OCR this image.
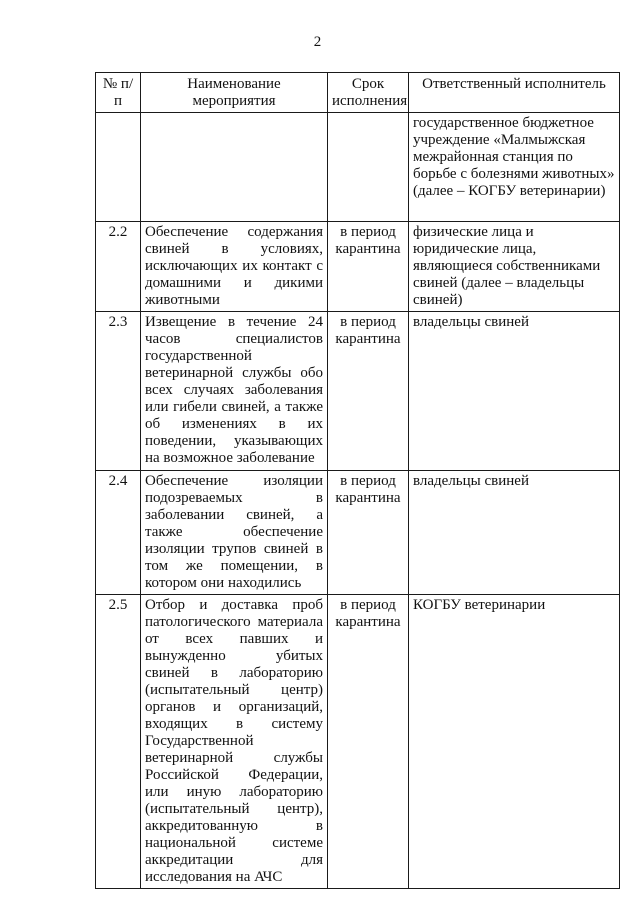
2
№ п/п	Наименование мероприятия	Срок исполнения	Ответственный исполнитель
			государственное бюджетное учреждение «Малмыжская межрайонная станция по борьбе с болезнями животных» (далее – КОГБУ ветеринарии)
2.2	Обеспечение содержания свиней в условиях, исключающих их контакт с домашними и дикими животными	в период карантина	физические лица и юридические лица, являющиеся собственниками свиней (далее – владельцы свиней)
2.3	Извещение в течение 24 часов специалистов государственной ветеринарной службы обо всех случаях заболевания или гибели свиней, а также об изменениях в их поведении, указывающих на возможное заболевание	в период карантина	владельцы свиней
2.4	Обеспечение изоляции подозреваемых в заболевании свиней, а также обеспечение изоляции трупов свиней в том же помещении, в котором они находились	в период карантина	владельцы свиней
2.5	Отбор и доставка проб патологического материала от всех павших и вынужденно убитых свиней в лабораторию (испытательный центр) органов и организаций, входящих в систему Государственной ветеринарной службы Российской Федерации, или иную лабораторию (испытательный центр), аккредитованную в национальной системе аккредитации для исследования на АЧС	в период карантина	КОГБУ ветеринарии
